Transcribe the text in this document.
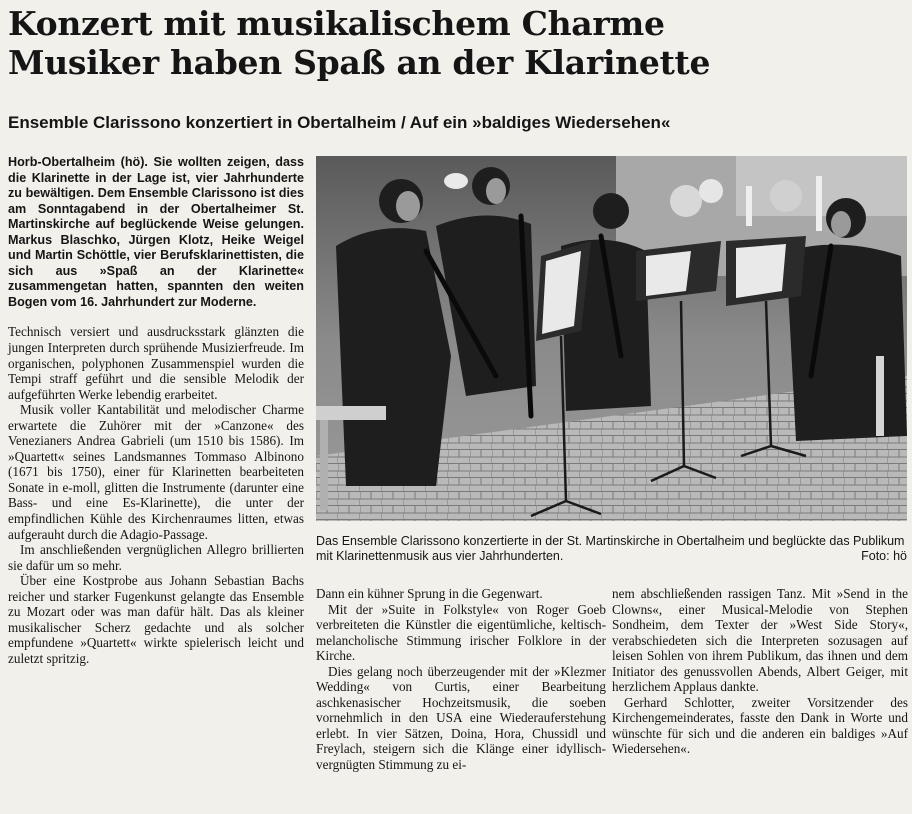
Konzert mit musikalischem Charme
Musiker haben Spaß an der Klarinette
Ensemble Clarissono konzertiert in Obertalheim / Auf ein »baldiges Wiedersehen«

Horb-Obertalheim (hö). Sie wollten zeigen, dass die Klarinette in der Lage ist, vier Jahrhunderte zu bewältigen. Dem Ensemble Clarissono ist dies am Sonntagabend in der Obertalheimer St. Martinskirche auf beglückende Weise gelungen. Markus Blaschko, Jürgen Klotz, Heike Weigel und Martin Schöttle, vier Berufsklarinettisten, die sich aus »Spaß an der Klarinette« zusammengetan hatten, spannten den weiten Bogen vom 16. Jahrhundert zur Moderne.

Technisch versiert und ausdrucksstark glänzten die jungen Interpreten durch sprühende Musizierfreude. Im organischen, polyphonen Zusammenspiel wurden die Tempi straff geführt und die sensible Melodik der aufgeführten Werke lebendig erarbeitet.

Musik voller Kantabilität und melodischer Charme erwartete die Zuhörer mit der »Canzone« des Venezianers Andrea Gabrieli (um 1510 bis 1586). Im »Quartett« seines Landsmannes Tommaso Albinono (1671 bis 1750), einer für Klarinetten bearbeiteten Sonate in e-moll, glitten die Instrumente (darunter eine Bass- und eine Es-Klarinette), die unter der empfindlichen Kühle des Kirchenraumes litten, etwas aufgerauht durch die Adagio-Passage.

Im anschließenden vergnüglichen Allegro brillierten sie dafür um so mehr.

Über eine Kostprobe aus Johann Sebastian Bachs reicher und starker Fugenkunst gelangte das Ensemble zu Mozart oder was man dafür hält. Das als kleiner musikalischer Scherz gedachte und als solcher empfundene »Quartett« wirkte spielerisch leicht und zuletzt spritzig.

Das Ensemble Clarissono konzertierte in der St. Martinskirche in Obertalheim und beglückte das Publikum mit Klarinettenmusik aus vier Jahrhunderten.	Foto: hö

Dann ein kühner Sprung in die Gegenwart.

Mit der »Suite in Folkstyle« von Roger Goeb verbreiteten die Künstler die eigentümliche, keltisch-melancholische Stimmung irischer Folklore in der Kirche.

Dies gelang noch überzeugender mit der »Klezmer Wedding« von Curtis, einer Bearbeitung aschkenasischer Hochzeitsmusik, die soeben vornehmlich in den USA eine Wiederauferstehung erlebt. In vier Sätzen, Doina, Hora, Chussidl und Freylach, steigern sich die Klänge einer idyllisch-vergnügten Stimmung zu ei-

nem abschließenden rassigen Tanz. Mit »Send in the Clowns«, einer Musical-Melodie von Stephen Sondheim, dem Texter der »West Side Story«, verabschiedeten sich die Interpreten sozusagen auf leisen Sohlen von ihrem Publikum, das ihnen und dem Initiator des genussvollen Abends, Albert Geiger, mit herzlichem Applaus dankte.

Gerhard Schlotter, zweiter Vorsitzender des Kirchengemeinderates, fasste den Dank in Worte und wünschte für sich und die anderen ein baldiges »Auf Wiedersehen«.
